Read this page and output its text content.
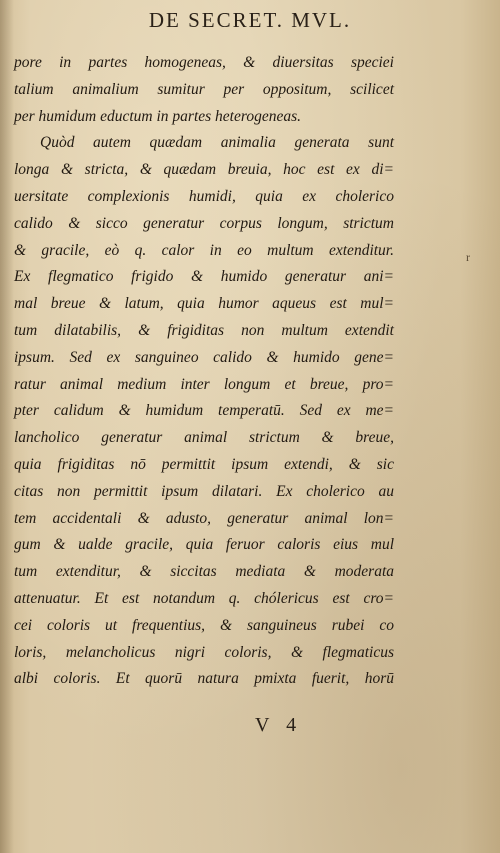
DE SECRET. MVL.
pore in partes homogeneas, & diuersitas speciei
talium animalium sumitur per oppositum, scilicet
per humidum eductum in partes heterogeneas.
Quòd autem quædam animalia generata sunt
longa & stricta, & quædam breuia, hoc est ex di=
uersitate complexionis humidi, quia ex cholerico
calido & sicco generatur corpus longum, strictum
& gracile, eò q. calor in eo multum extenditur.
Ex flegmatico frigido & humido generatur ani=
mal breue & latum, quia humor aqueus est mul=
tum dilatabilis, & frigiditas non multum extendit
ipsum. Sed ex sanguineo calido & humido gene=
ratur animal medium inter longum et breue, pro=
pter calidum & humidum temperatū. Sed ex me=
lancholico generatur animal strictum & breue,
quia frigiditas nō permittit ipsum extendi, & sic
citas non permittit ipsum dilatari. Ex cholerico au
tem accidentali & adusto, generatur animal lon=
gum & ualde gracile, quia feruor caloris eius mul
tum extenditur, & siccitas mediata & moderata
attenuatur. Et est notandum q. chólericus est cro=
cei coloris ut frequentius, & sanguineus rubei co
loris, melancholicus nigri coloris, & flegmaticus
albi coloris. Et quorū natura pmixta fuerit, horū
r
V 4
